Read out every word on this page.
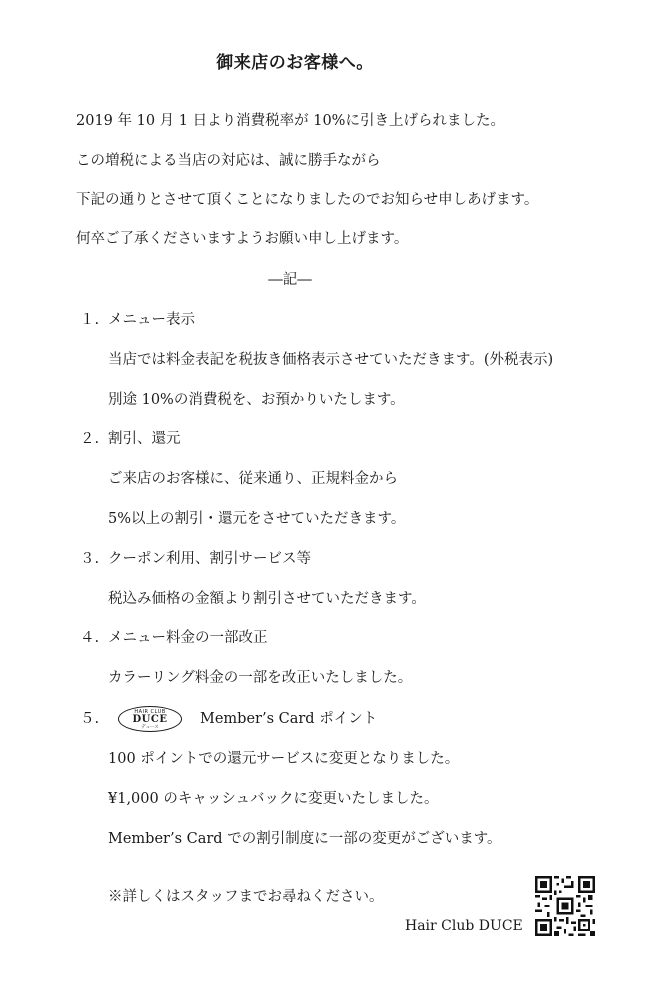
御来店のお客様へ。
2019 年 10 月 1 日より消費税率が 10%に引き上げられました。
この増税による当店の対応は、誠に勝手ながら
下記の通りとさせて頂くことになりましたのでお知らせ申しあげます。
何卒ご了承くださいますようお願い申し上げます。
―記―
１. メニュー表示
当店では料金表記を税抜き価格表示させていただきます。(外税表示)
別途 10%の消費税を、お預かりいたします。
２. 割引、還元
ご来店のお客様に、従来通り、正規料金から
5%以上の割引・還元をさせていただきます。
３. クーポン利用、割引サービス等
税込み価格の金額より割引させていただきます。
４. メニュー料金の一部改正
カラーリング料金の一部を改正いたしました。
５.	HAIR CLUB
DUCE
デュース
Member’s Card ポイント
100 ポイントでの還元サービスに変更となりました。
¥1,000 のキャッシュバックに変更いたしました。
Member’s Card での割引制度に一部の変更がございます。
※詳しくはスタッフまでお尋ねください。
Hair Club DUCE
